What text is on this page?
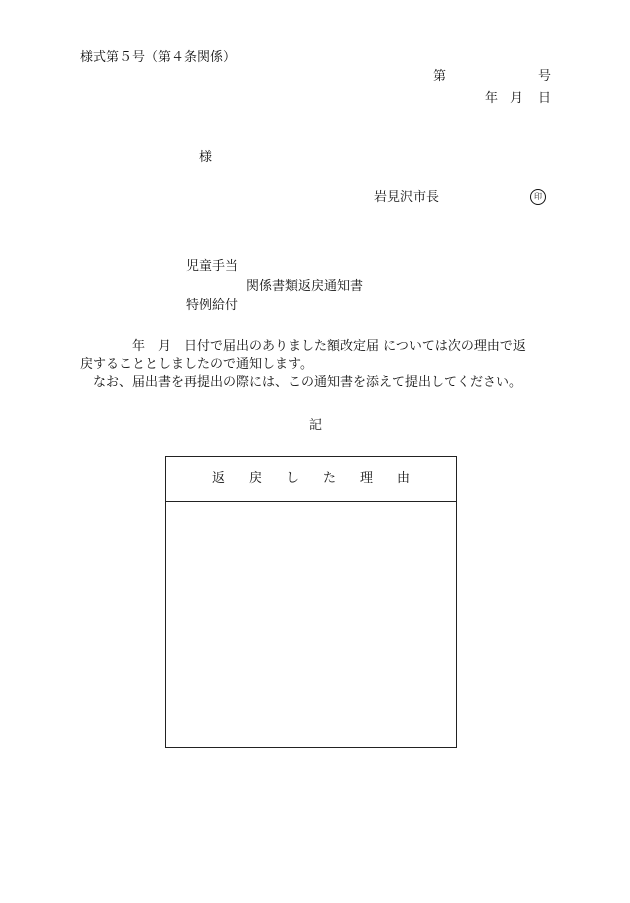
様式第５号（第４条関係）
第	号
年 月 日
様
岩見沢市長	印
児童手当
関係書類返戻通知書
特例給付

年　月　日付で届出のありました額改定届 については次の理由で返

戻することとしましたので通知します。

なお、届出書を再提出の際には、この通知書を添えて提出してください。

記
返戻した理由
